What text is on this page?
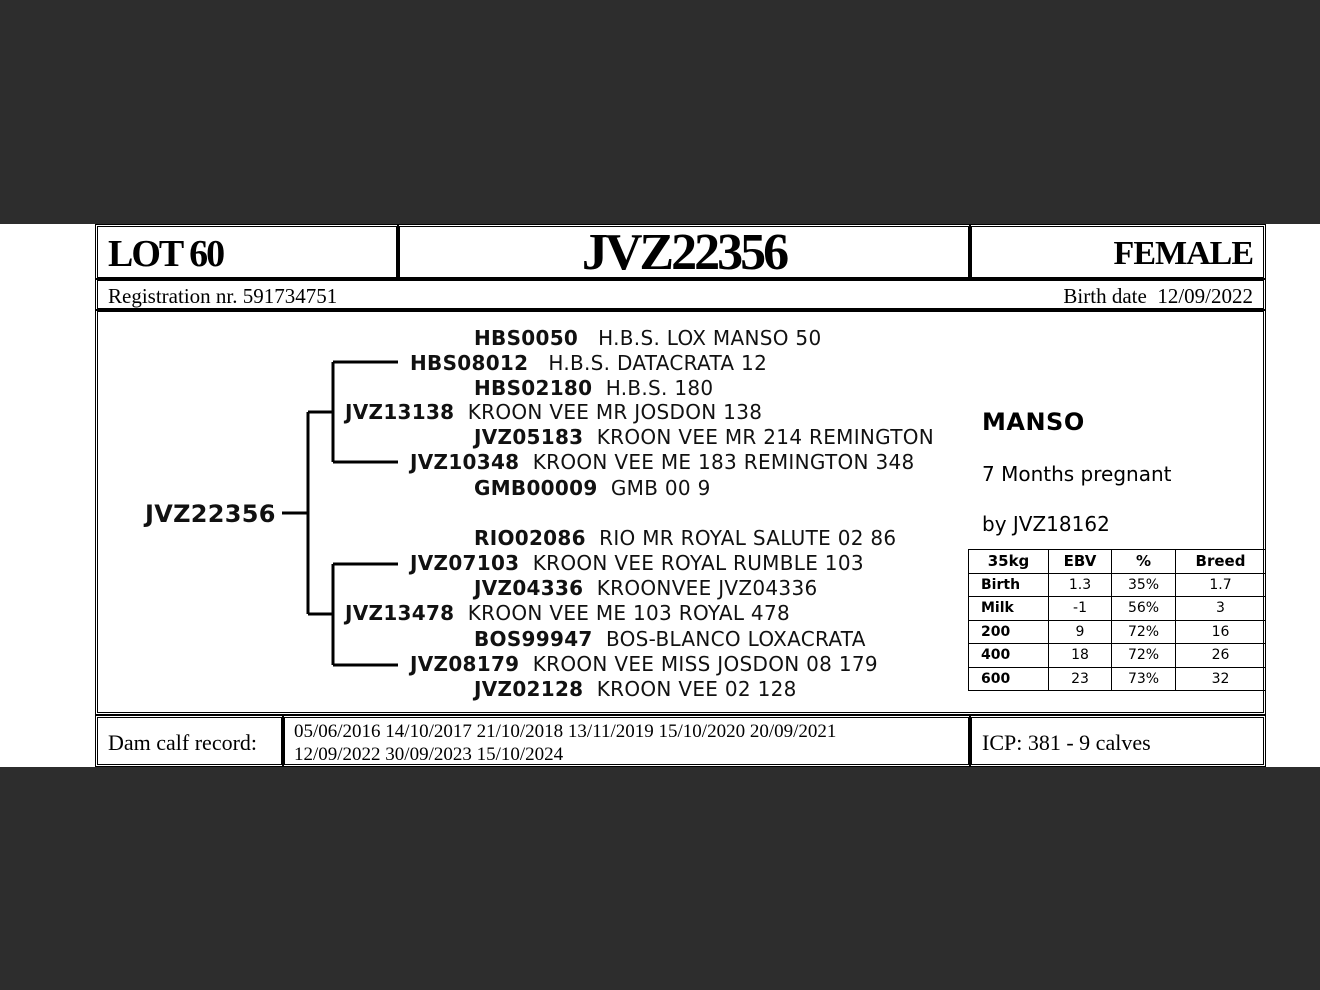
LOT 60	JVZ22356	FEMALE
Registration nr. 591734751	Birth date 12/09/2022
JVZ22356
HBS0050 H.B.S. LOX MANSO 50
HBS08012 H.B.S. DATACRATA 12
HBS02180 H.B.S. 180
JVZ13138 KROON VEE MR JOSDON 138
JVZ05183 KROON VEE MR 214 REMINGTON
JVZ10348 KROON VEE ME 183 REMINGTON 348
GMB00009 GMB 00 9
RIO02086 RIO MR ROYAL SALUTE 02 86
JVZ07103 KROON VEE ROYAL RUMBLE 103
JVZ04336 KROONVEE JVZ04336
JVZ13478 KROON VEE ME 103 ROYAL 478
BOS99947 BOS-BLANCO LOXACRATA
JVZ08179 KROON VEE MISS JOSDON 08 179
JVZ02128 KROON VEE 02 128
MANSO
7 Months pregnant
by JVZ18162
35kg	EBV	%	Breed
Birth	1.3	35%	1.7
Milk	-1	56%	3
200	9	72%	16
400	18	72%	26
600	23	73%	32
Dam calf record: 05/06/2016 14/10/2017 21/10/2018 13/11/2019 15/10/2020 20/09/2021
12/09/2022 30/09/2023 15/10/2024	ICP: 381 - 9 calves
